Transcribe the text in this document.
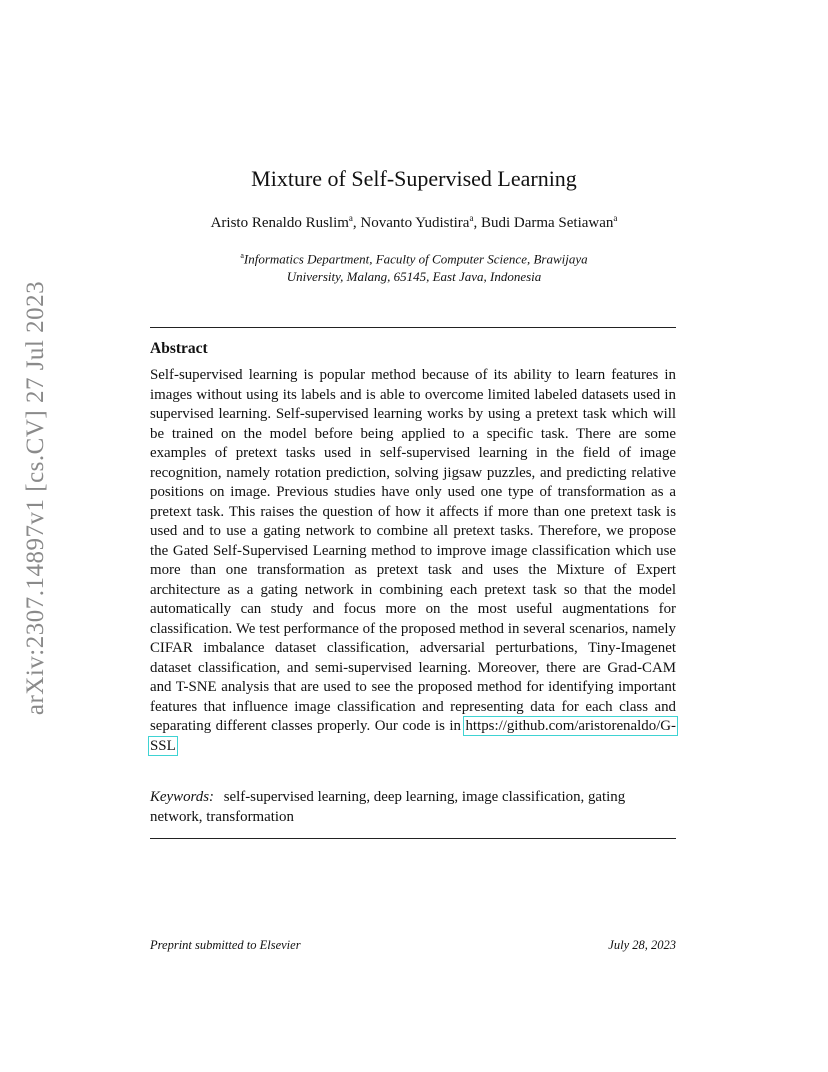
arXiv:2307.14897v1 [cs.CV] 27 Jul 2023
Mixture of Self-Supervised Learning
Aristo Renaldo Ruslim$^a$, Novanto Yudistira$^a$, Budi Darma Setiawan$^a$
$^a$Informatics Department, Faculty of Computer Science, Brawijaya
University, Malang, 65145, East Java, Indonesia
Abstract
Self-supervised learning is popular method because of its ability to learn features in images without using its labels and is able to overcome limited labeled datasets used in supervised learning. Self-supervised learning works by using a pretext task which will be trained on the model before being applied to a specific task. There are some examples of pretext tasks used in self-supervised learning in the field of image recognition, namely rotation prediction, solving jigsaw puzzles, and predicting relative positions on image. Previous studies have only used one type of transformation as a pretext task. This raises the question of how it affects if more than one pretext task is used and to use a gating network to combine all pretext tasks. Therefore, we propose the Gated Self-Supervised Learning method to improve image classification which use more than one transformation as pretext task and uses the Mixture of Expert architecture as a gating network in combining each pretext task so that the model automatically can study and focus more on the most useful augmentations for classification. We test performance of the proposed method in several scenarios, namely CIFAR imbalance dataset classification, adversarial perturbations, Tiny-Imagenet dataset classification, and semi-supervised learning. Moreover, there are Grad-CAM and T-SNE analysis that are used to see the proposed method for identifying important features that influence image classification and representing data for each class and separating different classes properly. Our code is in https://github.com/aristorenaldo/G-SSL
Keywords: self-supervised learning, deep learning, image classification, gating network, transformation
Preprint submitted to Elsevier	July 28, 2023
